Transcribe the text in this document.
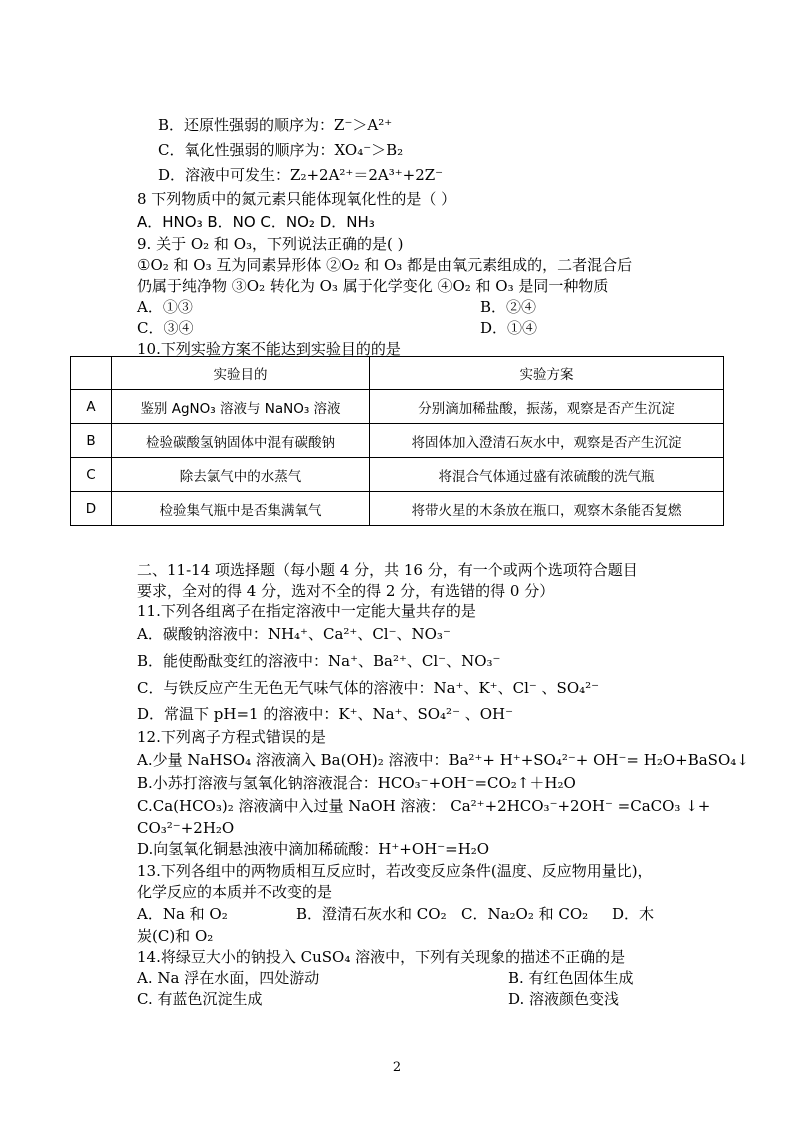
B．还原性强弱的顺序为：Z⁻＞A²⁺
C．氧化性强弱的顺序为：XO₄⁻＞B₂
D．溶液中可发生：Z₂+2A²⁺＝2A³⁺+2Z⁻
8 下列物质中的氮元素只能体现氧化性的是（ ）
A．HNO₃ B．NO C．NO₂ D．NH₃
9. 关于 O₂ 和 O₃，下列说法正确的是( )
①O₂ 和 O₃ 互为同素异形体 ②O₂ 和 O₃ 都是由氧元素组成的，二者混合后
仍属于纯净物 ③O₂ 转化为 O₃ 属于化学变化 ④O₂ 和 O₃ 是同一种物质
A．①③	B．②④
C．③④	D．①④
10.下列实验方案不能达到实验目的的是
	实验目的	实验方案
A	鉴别 AgNO₃ 溶液与 NaNO₃ 溶液	分别滴加稀盐酸，振荡，观察是否产生沉淀
B	检验碳酸氢钠固体中混有碳酸钠	将固体加入澄清石灰水中，观察是否产生沉淀
C	除去氯气中的水蒸气	将混合气体通过盛有浓硫酸的洗气瓶
D	检验集气瓶中是否集满氧气	将带火星的木条放在瓶口，观察木条能否复燃
二、11-14 项选择题（每小题 4 分，共 16 分，有一个或两个选项符合题目
要求，全对的得 4 分，选对不全的得 2 分，有选错的得 0 分）
11.下列各组离子在指定溶液中一定能大量共存的是
A．碳酸钠溶液中：NH₄⁺、Ca²⁺、Cl⁻、NO₃⁻
B．能使酚酞变红的溶液中：Na⁺、Ba²⁺、Cl⁻、NO₃⁻
C．与铁反应产生无色无气味气体的溶液中：Na⁺、K⁺、Cl⁻ 、SO₄²⁻
D．常温下 pH=1 的溶液中：K⁺、Na⁺、SO₄²⁻ 、OH⁻
12.下列离子方程式错误的是
A.少量 NaHSO₄ 溶液滴入 Ba(OH)₂ 溶液中：Ba²⁺+ H⁺+SO₄²⁻+ OH⁻= H₂O+BaSO₄↓
B.小苏打溶液与氢氧化钠溶液混合：HCO₃⁻+OH⁻=CO₂↑＋H₂O
C.Ca(HCO₃)₂ 溶液滴中入过量 NaOH 溶液： Ca²⁺+2HCO₃⁻+2OH⁻ =CaCO₃ ↓+
CO₃²⁻+2H₂O
D.向氢氧化铜悬浊液中滴加稀硫酸：H⁺+OH⁻=H₂O
13.下列各组中的两物质相互反应时，若改变反应条件(温度、反应物用量比)，
化学反应的本质并不改变的是
A．Na 和 O₂	B．澄清石灰水和 CO₂ C．Na₂O₂ 和 CO₂ D．木
炭(C)和 O₂
14.将绿豆大小的钠投入 CuSO₄ 溶液中，下列有关现象的描述不正确的是
A. Na 浮在水面，四处游动	B. 有红色固体生成
C. 有蓝色沉淀生成	D. 溶液颜色变浅
2
